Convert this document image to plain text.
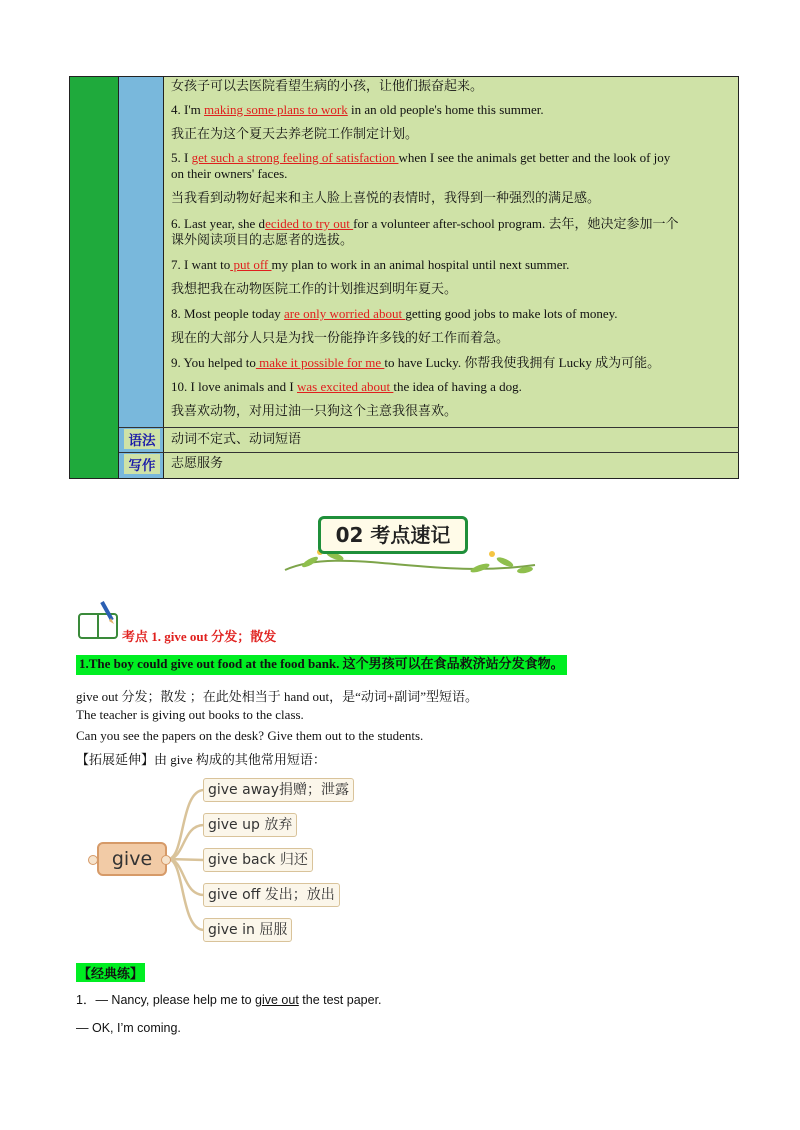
女孩子可以去医院看望生病的小孩，让他们振奋起来。
4. I'm making some plans to work in an old people's home this summer.
我正在为这个夏天去养老院工作制定计划。
5. I get such a strong feeling of satisfaction when I see the animals get better and the look of joy
on their owners' faces.
当我看到动物好起来和主人脸上喜悦的表情时，我得到一种强烈的满足感。
6. Last year, she decided to try out for a volunteer after-school program. 去年，她决定参加一个
课外阅读项目的志愿者的选拔。
7. I want to put off my plan to work in an animal hospital until next summer.
我想把我在动物医院工作的计划推迟到明年夏天。
8. Most people today are only worried about getting good jobs to make lots of money.
现在的大部分人只是为找一份能挣许多钱的好工作而着急。
9. You helped to make it possible for me to have Lucky. 你帮我使我拥有 Lucky 成为可能。
10. I love animals and I was excited about the idea of having a dog.
我喜欢动物，对用过油一只狗这个主意我很喜欢。
语法	动词不定式、动词短语
写作	志愿服务
02 考点速记
考点 1. give out 分发；散发
1.The boy could give out food at the food bank. 这个男孩可以在食品救济站分发食物。
give out 分发；散发 ；在此处相当于 hand out，是“动词+副词”型短语。
The teacher is giving out books to the class.
Can you see the papers on the desk? Give them out to the students.
【拓展延伸】由 give 构成的其他常用短语：
give
give away捐赠；泄露
give up 放弃
give back 归还
give off 发出；放出
give in 屈服
【经典练】
1．— Nancy, please help me to give out the test paper.
— OK, I’m coming.
